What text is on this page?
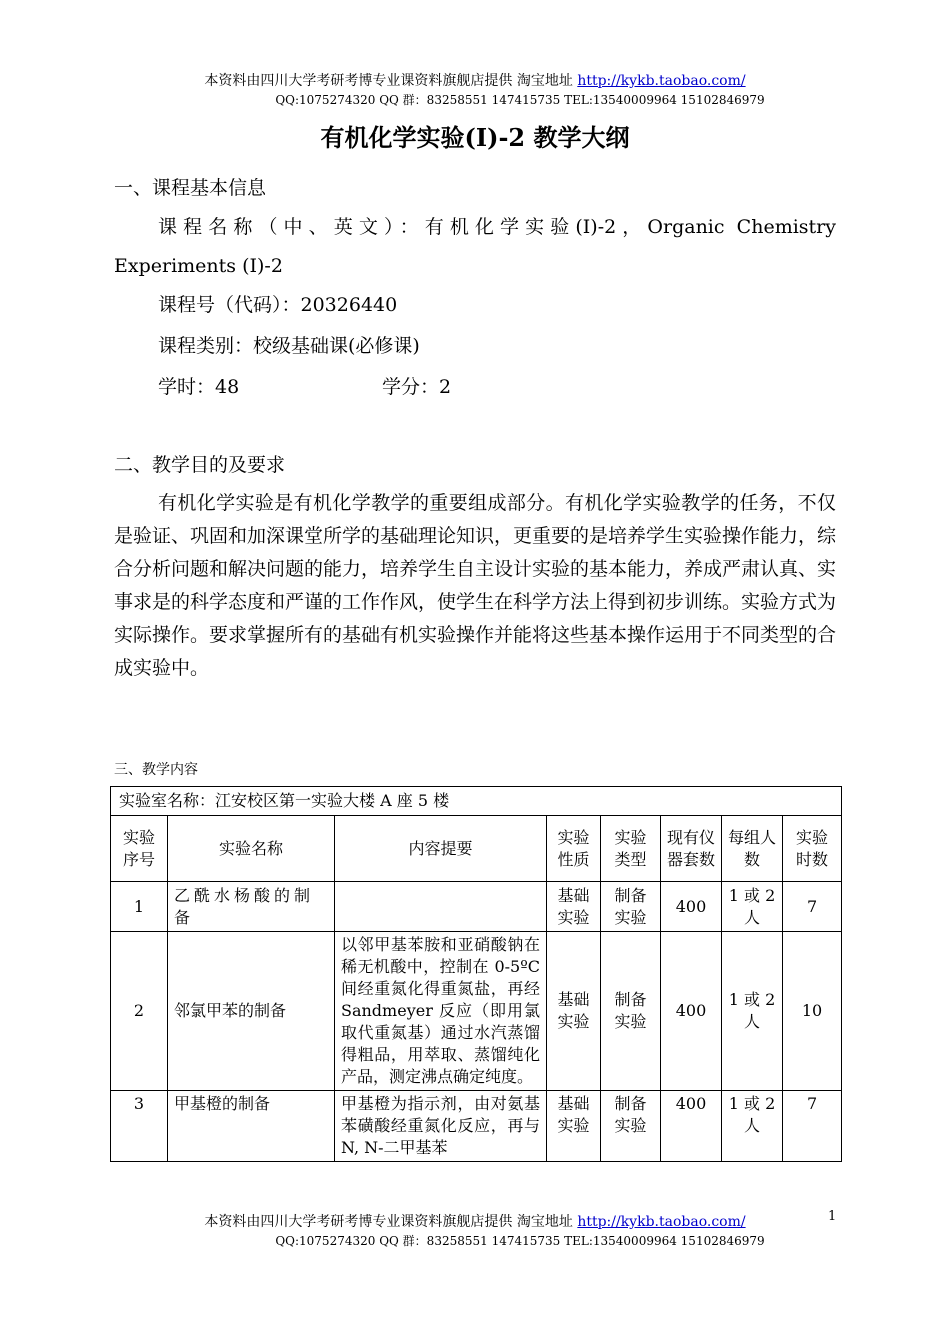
本资料由四川大学考研考博专业课资料旗舰店提供 淘宝地址 http://kykb.taobao.com/
QQ:1075274320 QQ 群：83258551 147415735 TEL:13540009964 15102846979
有机化学实验(I)-2 教学大纲
一、课程基本信息
课程名称（中、英文）：有机化学实验(I)-2，Organic Chemistry
Experiments (I)-2
课程号（代码）：20326440
课程类别：校级基础课(必修课)
学时：48	学分：2
二、教学目的及要求
有机化学实验是有机化学教学的重要组成部分。有机化学实验教学的任务，不仅是验证、巩固和加深课堂所学的基础理论知识，更重要的是培养学生实验操作能力，综合分析问题和解决问题的能力，培养学生自主设计实验的基本能力，养成严肃认真、实事求是的科学态度和严谨的工作作风，使学生在科学方法上得到初步训练。实验方式为实际操作。要求掌握所有的基础有机实验操作并能将这些基本操作运用于不同类型的合成实验中。
三、教学内容
实验室名称：江安校区第一实验大楼 A 座 5 楼							
实验序号	实验名称	内容提要	实验性质	实验类型	现有仪器套数	每组人数	实验时数
1	乙酰水杨酸的制备		基础实验	制备实验	400	1 或 2 人	7
2	邻氯甲苯的制备	以邻甲基苯胺和亚硝酸钠在稀无机酸中，控制在 0-5ºC 间经重氮化得重氮盐，再经 Sandmeyer 反应（即用氯取代重氮基）通过水汽蒸馏得粗品，用萃取、蒸馏纯化产品，测定沸点确定纯度。	基础实验	制备实验	400	1 或 2 人	10
3	甲基橙的制备	甲基橙为指示剂，由对氨基苯磺酸经重氮化反应，再与 N, N-二甲基苯	基础实验	制备实验	400	1 或 2 人	7
本资料由四川大学考研考博专业课资料旗舰店提供 淘宝地址 http://kykb.taobao.com/
QQ:1075274320 QQ 群：83258551 147415735 TEL:13540009964 15102846979
1
